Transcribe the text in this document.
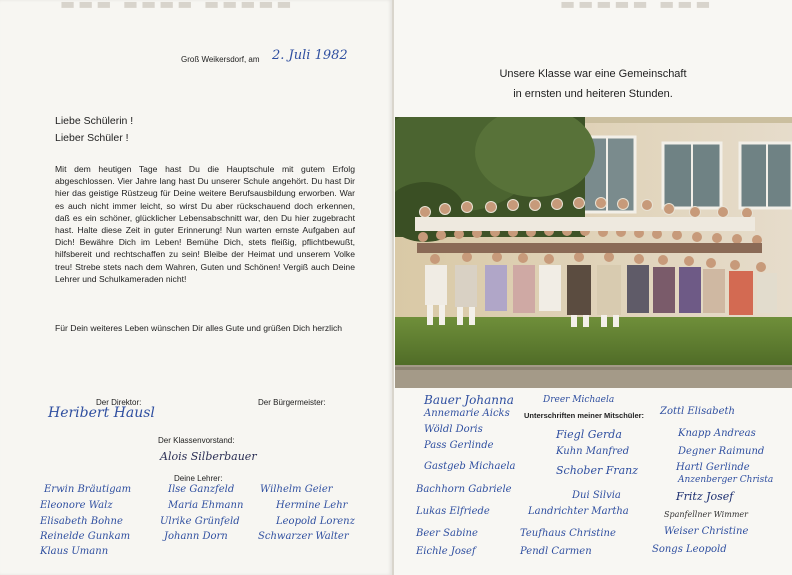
▬▬▬ ▬▬▬▬ ▬▬▬▬▬	▬▬▬▬▬ ▬▬▬
Groß Weikersdorf, am 2. Juli 1982
Liebe Schülerin !
Lieber Schüler !
Mit dem heutigen Tage hast Du die Hauptschule mit gutem Erfolg abgeschlossen. Vier Jahre lang hast Du unserer Schule angehört. Du hast Dir hier das geistige Rüstzeug für Deine weitere Berufsausbildung erworben. War es auch nicht immer leicht, so wirst Du aber rückschauend doch erkennen, daß es ein schöner, glücklicher Lebensabschnitt war, den Du hier zugebracht hast. Halte diese Zeit in guter Erinnerung! Nun warten ernste Aufgaben auf Dich! Bewähre Dich im Leben! Bemühe Dich, stets fleißig, pflichtbewußt, hilfsbereit und rechtschaffen zu sein! Bleibe der Heimat und unserem Volke treu! Strebe stets nach dem Wahren, Guten und Schönen! Vergiß auch Deine Lehrer und Schulkameraden nicht!
Für Dein weiteres Leben wünschen Dir alles Gute und grüßen Dich herzlich
Der Direktor:
Heribert Hausl
Der Bürgermeister:
Der Klassenvorstand:
Alois Silberbauer
Deine Lehrer:
Erwin Bräutigam
Eleonore Walz
Elisabeth Bohne
Reinelde Gunkam
Klaus Umann
Ilse Ganzfeld
Maria Ehmann
Ulrike Grünfeld
Johann Dorn
Wilhelm Geier
Hermine Lehr
Leopold Lorenz
Schwarzer Walter
Unsere Klasse war eine Gemeinschaft
in ernsten und heiteren Stunden.
Unterschriften meiner Mitschüler:
Bauer Johanna
Annemarie Aicks
Wöldl Doris
Pass Gerlinde
Gastgeb Michaela
Bachhorn Gabriele
Lukas Elfriede
Beer Sabine
Eichle Josef
Dreer Michaela
Fiegl Gerda
Kuhn Manfred
Schober Franz
Dui Silvia
Landrichter Martha
Teufhaus Christine
Pendl Carmen
Zottl Elisabeth
Knapp Andreas
Degner Raimund
Hartl Gerlinde
Anzenberger Christa
Fritz Josef
Spanfellner Wimmer
Weiser Christine
Songs Leopold
